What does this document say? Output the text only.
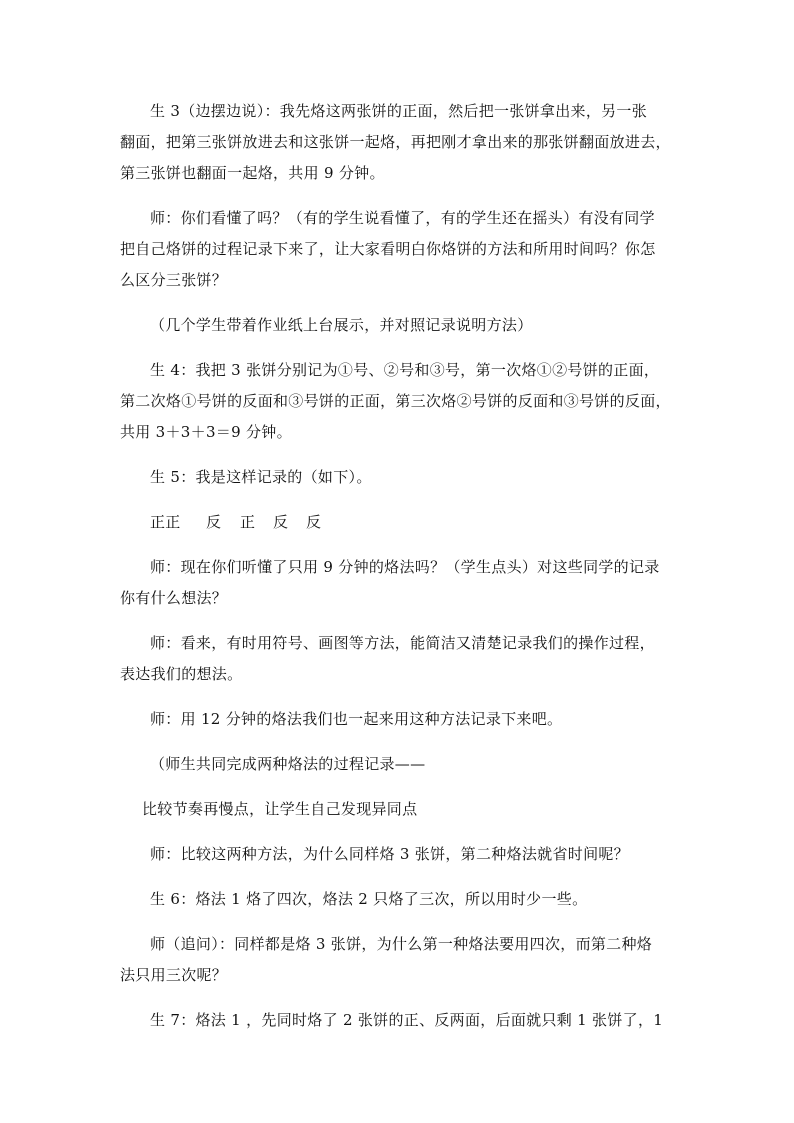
生 3（边摆边说）：我先烙这两张饼的正面，然后把一张饼拿出来，另一张
翻面，把第三张饼放进去和这张饼一起烙，再把刚才拿出来的那张饼翻面放进去，
第三张饼也翻面一起烙，共用 9 分钟。
师：你们看懂了吗？（有的学生说看懂了，有的学生还在摇头）有没有同学
把自己烙饼的过程记录下来了，让大家看明白你烙饼的方法和所用时间吗？你怎
么区分三张饼？
（几个学生带着作业纸上台展示，并对照记录说明方法）
生 4：我把 3 张饼分别记为①号、②号和③号，第一次烙①②号饼的正面，
第二次烙①号饼的反面和③号饼的正面，第三次烙②号饼的反面和③号饼的反面，
共用 3＋3＋3＝9 分钟。
生 5：我是这样记录的（如下）。
正正 反 正 反 反
师：现在你们听懂了只用 9 分钟的烙法吗？（学生点头）对这些同学的记录
你有什么想法？
师：看来，有时用符号、画图等方法，能简洁又清楚记录我们的操作过程，
表达我们的想法。
师：用 12 分钟的烙法我们也一起来用这种方法记录下来吧。
（师生共同完成两种烙法的过程记录——
比较节奏再慢点，让学生自己发现异同点
师：比较这两种方法，为什么同样烙 3 张饼，第二种烙法就省时间呢？
生 6：烙法 1 烙了四次，烙法 2 只烙了三次，所以用时少一些。
师（追问）：同样都是烙 3 张饼，为什么第一种烙法要用四次，而第二种烙
法只用三次呢？
生 7：烙法 1 ，先同时烙了 2 张饼的正、反两面，后面就只剩 1 张饼了，1
